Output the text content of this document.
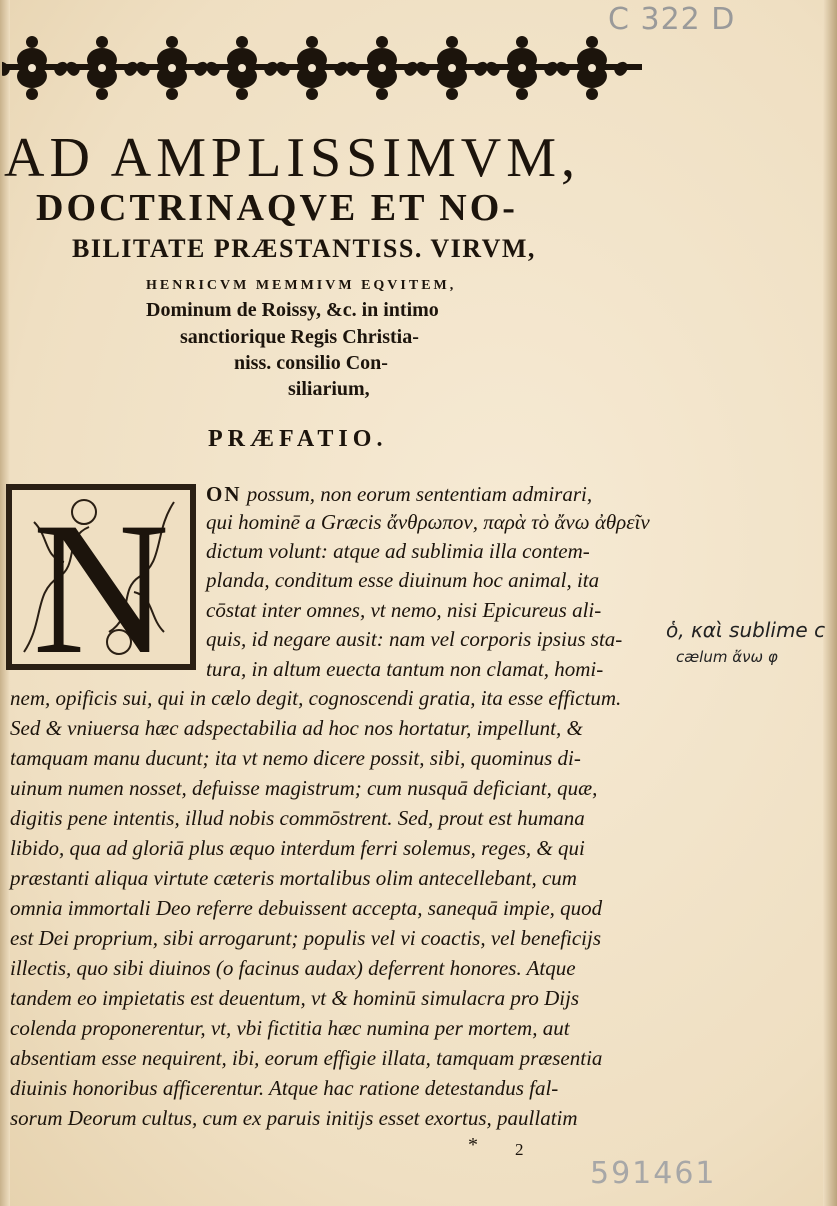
C 322 D
AD AMPLISSIMVM,
DOCTRINAQVE ET NO-
BILITATE PRÆSTANTISS. VIRVM,
HENRICVM MEMMIVM EQVITEM,
Dominum de Roissy, &c. in intimo
sanctiorique Regis Christia-
niss. consilio Con-
siliarium,
PRÆFATIO.
N ON possum, non eorum sententiam admirari,
qui hominē a Græcis ἄνθρωπον, παρὰ τὸ ἄνω ἀθρεῖν
dictum volunt: atque ad sublimia illa contem-
planda, conditum esse diuinum hoc animal, ita
cōstat inter omnes, vt nemo, nisi Epicureus ali-
quis, id negare ausit: nam vel corporis ipsius sta-
tura, in altum euecta tantum non clamat, homi-
nem, opificis sui, qui in cælo degit, cognoscendi gratia, ita esse effictum.
Sed & vniuersa hæc adspectabilia ad hoc nos hortatur, impellunt, &
tamquam manu ducunt; ita vt nemo dicere possit, sibi, quominus di-
uinum numen nosset, defuisse magistrum; cum nusquā deficiant, quæ,
digitis pene intentis, illud nobis commōstrent. Sed, prout est humana
libido, qua ad gloriā plus æquo interdum ferri solemus, reges, & qui
præstanti aliqua virtute cæteris mortalibus olim antecellebant, cum
omnia immortali Deo referre debuissent accepta, sanequā impie, quod
est Dei proprium, sibi arrogarunt; populis vel vi coactis, vel beneficijs
illectis, quo sibi diuinos (o facinus audax) deferrent honores. Atque
tandem eo impietatis est deuentum, vt & hominū simulacra pro Dijs
colenda proponerentur, vt, vbi fictitia hæc numina per mortem, aut
absentiam esse nequirent, ibi, eorum effigie illata, tamquam præsentia
diuinis honoribus afficerentur. Atque hac ratione detestandus fal-
sorum Deorum cultus, cum ex paruis initijs esset exortus, paullatim
ὁ, καὶ sublime c
cælum ἄνω φ
* 2
591461
